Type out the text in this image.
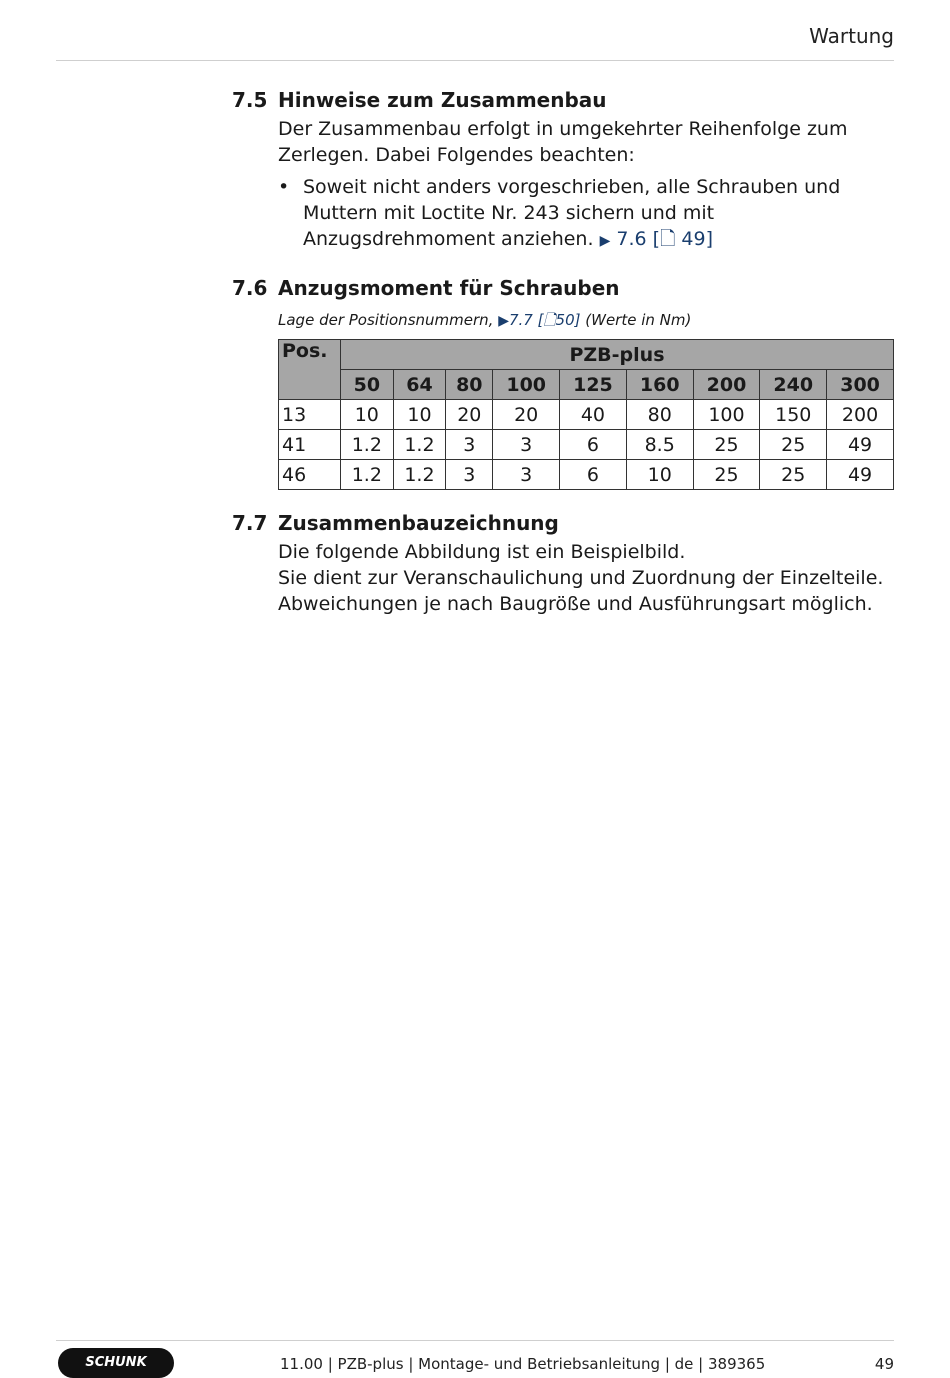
Wartung
7.5 Hinweise zum Zusammenbau
Der Zusammenbau erfolgt in umgekehrter Reihenfolge zum Zerlegen. Dabei Folgendes beachten:
• Soweit nicht anders vorgeschrieben, alle Schrauben und Muttern mit Loctite Nr. 243 sichern und mit Anzugsdrehmoment anziehen. ▶ 7.6 [🗋 49]
7.6 Anzugsmoment für Schrauben
Lage der Positionsnummern, ▶7.7 [🗋50] (Werte in Nm)
Pos.	PZB-plus								
	50	64	80	100	125	160	200	240	300
13	10	10	20	20	40	80	100	150	200
41	1.2	1.2	3	3	6	8.5	25	25	49
46	1.2	1.2	3	3	6	10	25	25	49
7.7 Zusammenbauzeichnung
Die folgende Abbildung ist ein Beispielbild.
Sie dient zur Veranschaulichung und Zuordnung der Einzelteile.
Abweichungen je nach Baugröße und Ausführungsart möglich.
SCHUNK	11.00 | PZB-plus | Montage- und Betriebsanleitung | de | 389365	49
